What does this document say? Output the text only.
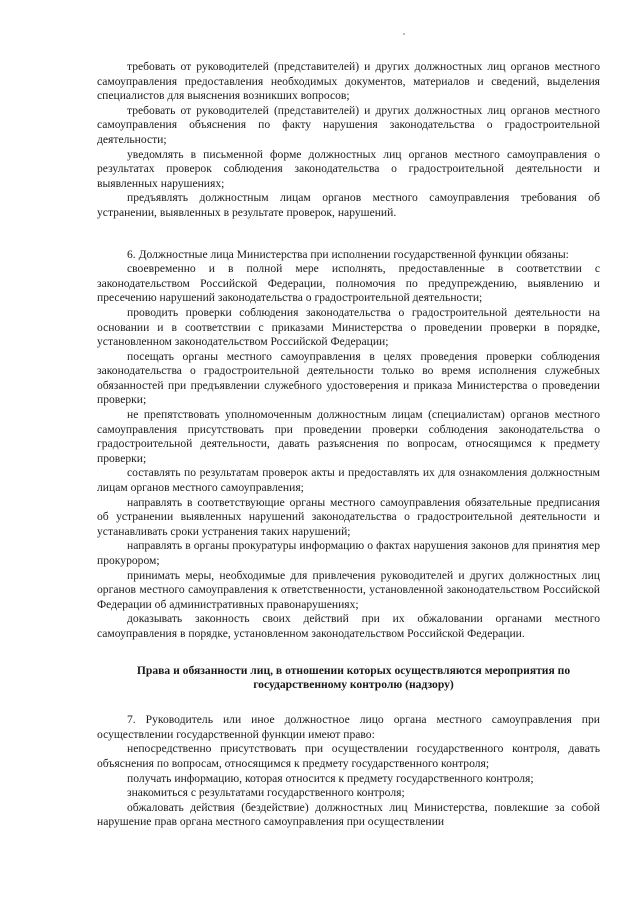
требовать от руководителей (представителей) и других должностных лиц органов местного самоуправления предоставления необходимых документов, материалов и сведений, выделения специалистов для выяснения возникших вопросов;

требовать от руководителей (представителей) и других должностных лиц органов местного самоуправления объяснения по факту нарушения законодательства о градостроительной деятельности;

уведомлять в письменной форме должностных лиц органов местного самоуправления о результатах проверок соблюдения законодательства о градостроительной деятельности и выявленных нарушениях;

предъявлять должностным лицам органов местного самоуправления требования об устранении, выявленных в результате проверок, нарушений.

6. Должностные лица Министерства при исполнении государственной функции обязаны:

своевременно и в полной мере исполнять, предоставленные в соответствии с законодательством Российской Федерации, полномочия по предупреждению, выявлению и пресечению нарушений законодательства о градостроительной деятельности;

проводить проверки соблюдения законодательства о градостроительной деятельности на основании и в соответствии с приказами Министерства о проведении проверки в порядке, установленном законодательством Российской Федерации;

посещать органы местного самоуправления в целях проведения проверки соблюдения законодательства о градостроительной деятельности только во время исполнения служебных обязанностей при предъявлении служебного удостоверения и приказа Министерства о проведении проверки;

не препятствовать уполномоченным должностным лицам (специалистам) органов местного самоуправления присутствовать при проведении проверки соблюдения законодательства о градостроительной деятельности, давать разъяснения по вопросам, относящимся к предмету проверки;

составлять по результатам проверок акты и предоставлять их для ознакомления должностным лицам органов местного самоуправления;

направлять в соответствующие органы местного самоуправления обязательные предписания об устранении выявленных нарушений законодательства о градостроительной деятельности и устанавливать сроки устранения таких нарушений;

направлять в органы прокуратуры информацию о фактах нарушения законов для принятия мер прокурором;

принимать меры, необходимые для привлечения руководителей и других должностных лиц органов местного самоуправления к ответственности, установленной законодательством Российской Федерации об административных правонарушениях;

доказывать законность своих действий при их обжаловании органами местного самоуправления в порядке, установленном законодательством Российской Федерации.

Права и обязанности лиц, в отношении которых осуществляются мероприятия по государственному контролю (надзору)

7. Руководитель или иное должностное лицо органа местного самоуправления при осуществлении государственной функции имеют право:

непосредственно присутствовать при осуществлении государственного контроля, давать объяснения по вопросам, относящимся к предмету государственного контроля;

получать информацию, которая относится к предмету государственного контроля;

знакомиться с результатами государственного контроля;

обжаловать действия (бездействие) должностных лиц Министерства, повлекшие за собой нарушение прав органа местного самоуправления при осуществлении
